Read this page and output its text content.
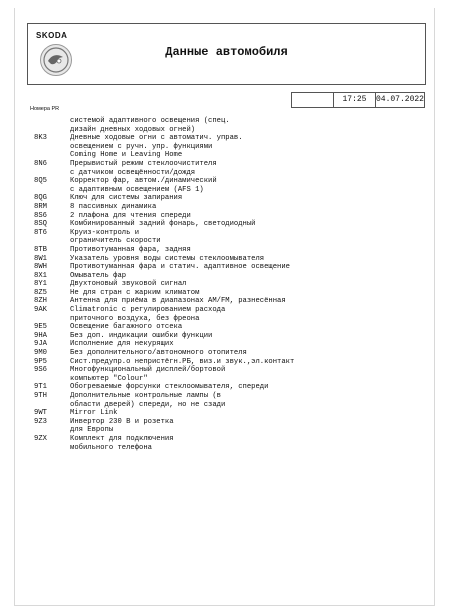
SKODA
Данные автомобиля
17:25	04.07.2022
Номера PR
системой адаптивного освещения (спец.
дизайн дневных ходовых огней)
8K3	Дневные ходовые огни с автоматич. управ.
освещением с ручн. упр. функциями
Coming Home и Leaving Home
8N6	Прерывистый режим стеклоочистителя
с датчиком освещённости/дождя
8Q5	Корректор фар, автом./динамический
с адаптивным освещением (AFS 1)
8QG	Ключ для системы запирания
8RM	8 пассивных динамика
8S6	2 плафона для чтения спереди
8SQ	Комбинированный задний фонарь, светодиодный
8T6	Круиз-контроль и
ограничитель скорости
8TB	Противотуманная фара, задняя
8W1	Указатель уровня воды системы стеклоомывателя
8WH	Противотуманная фара и статич. адаптивное освещение
8X1	Омыватель фар
8Y1	Двухтоновый звуковой сигнал
8Z5	Не для стран с жарким климатом
8ZH	Антенна для приёма в диапазонах AM/FM, разнесённая
9AK	Climatronic с регулированием расхода
приточного воздуха, без фреона
9E5	Освещение багажного отсека
9HA	Без доп. индикации ошибки функции
9JA	Исполнение для некурящих
9M0	Без дополнительного/автономного отопителя
9P5	Сист.предупр.о непристёгн.РБ, виз.и звук.,эл.контакт
9S6	Многофункциональный дисплей/бортовой
компьютер "Colour"
9T1	Обогреваемые форсунки стеклоомывателя, спереди
9TH	Дополнительные контрольные лампы (в
области дверей) спереди, но не сзади
9WT	Mirror Link
9Z3	Инвертор 230 В и розетка
для Европы
9ZX	Комплект для подключения
мобильного телефона
